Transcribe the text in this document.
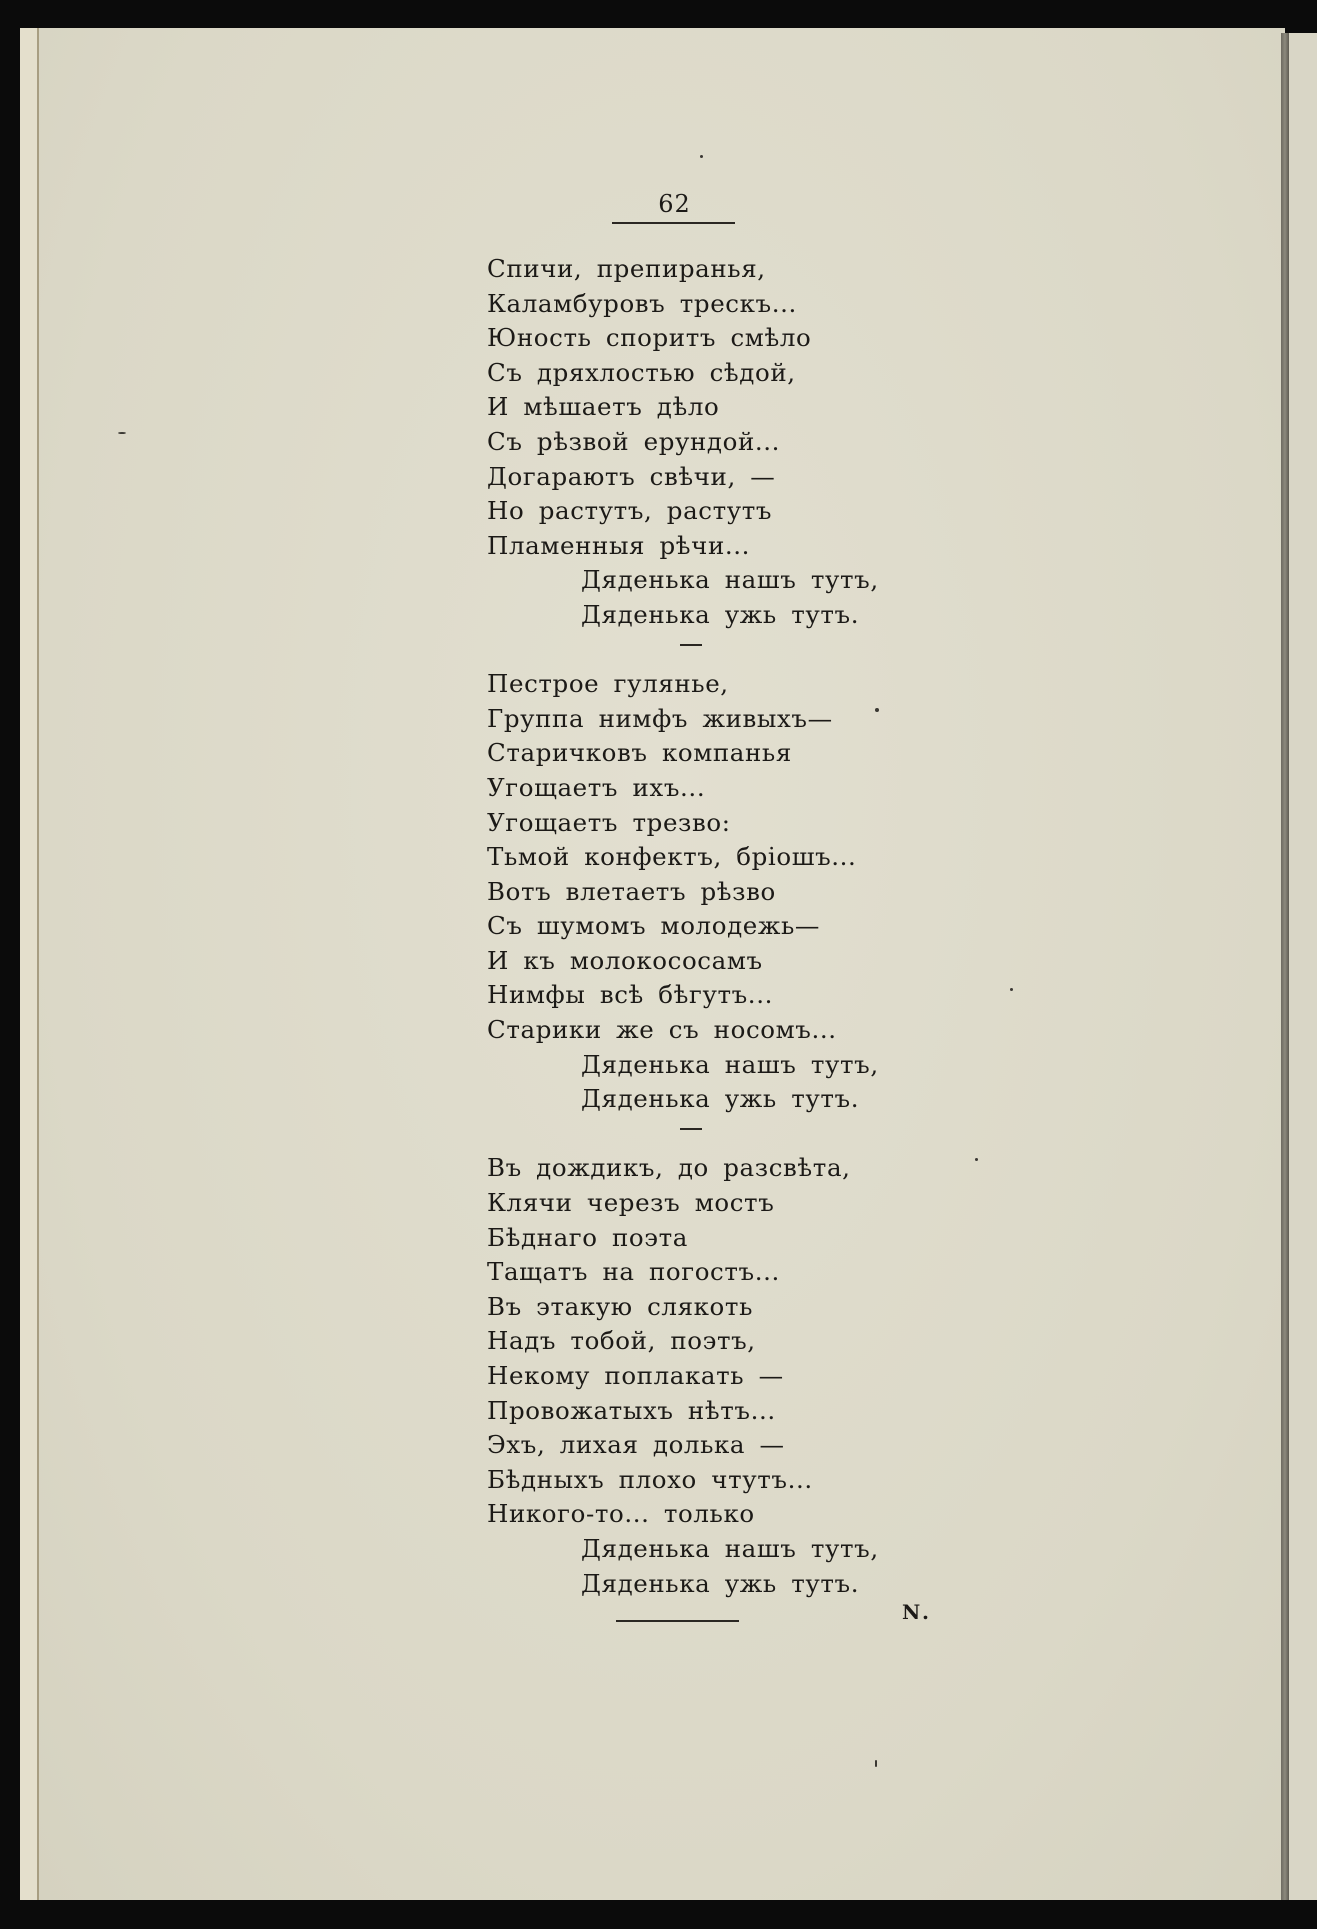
62
Спичи, препиранья,
Каламбуровъ трескъ...
Юность споритъ смѣло
Съ дряхлостью сѣдой,
И мѣшаетъ дѣло
Съ рѣзвой ерундой...
Догараютъ свѣчи, —
Но растутъ, растутъ
Пламенныя рѣчи...
Дяденька нашъ тутъ,
Дяденька ужь тутъ.
Пестрое гулянье,
Группа нимфъ живыхъ—
Старичковъ компанья
Угощаетъ ихъ...
Угощаетъ трезво:
Тьмой конфектъ, бріошъ...
Вотъ влетаетъ рѣзво
Съ шумомъ молодежь—
И къ молокососамъ
Нимфы всѣ бѣгутъ...
Старики же съ носомъ...
Дяденька нашъ тутъ,
Дяденька ужь тутъ.
Въ дождикъ, до разсвѣта,
Клячи черезъ мостъ
Бѣднаго поэта
Тащатъ на погостъ...
Въ этакую слякоть
Надъ тобой, поэтъ,
Некому поплакать —
Провожатыхъ нѣтъ...
Эхъ, лихая долька —
Бѣдныхъ плохо чтутъ...
Никого-то... только
Дяденька нашъ тутъ,
Дяденька ужь тутъ.
N.
